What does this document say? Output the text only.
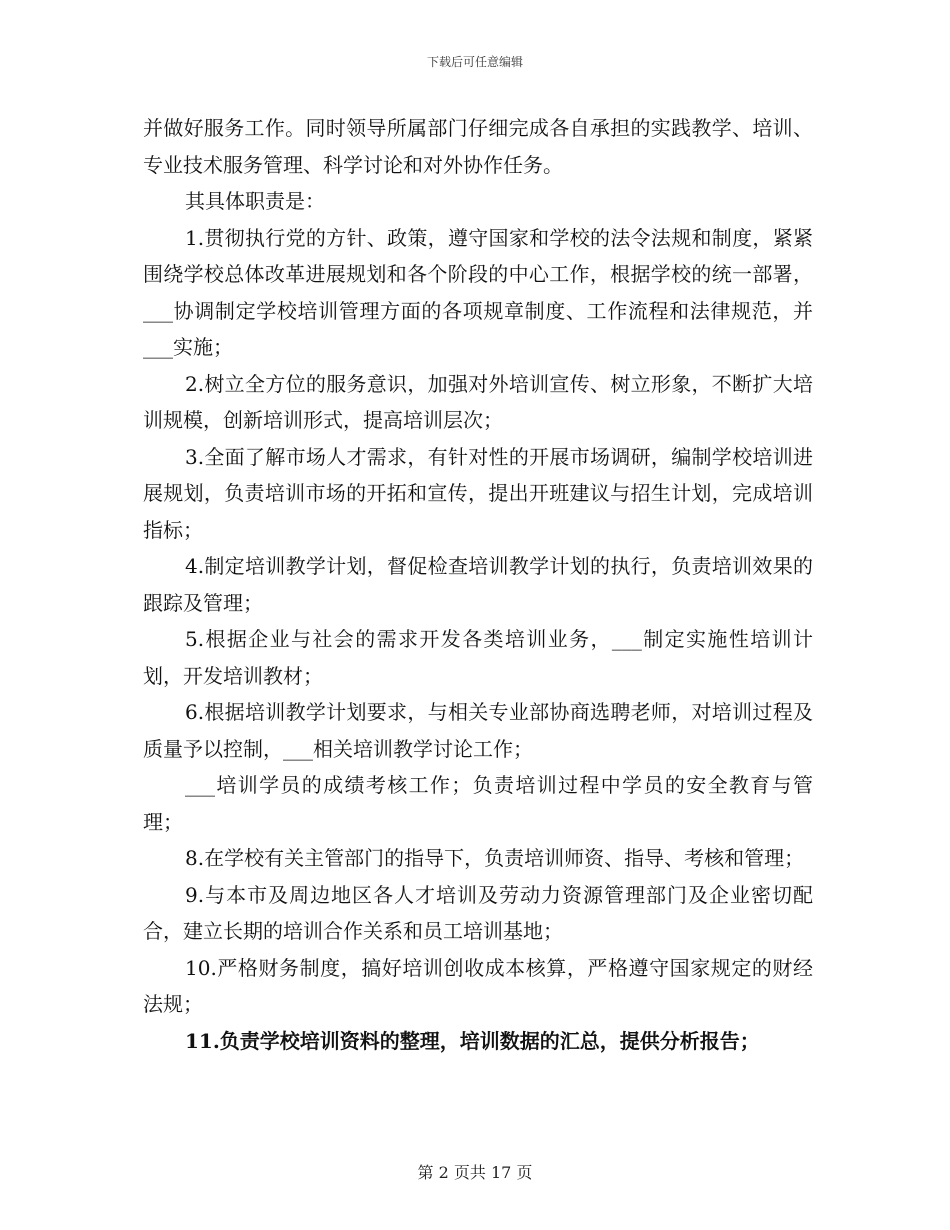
下载后可任意编辑

并做好服务工作。同时领导所属部门仔细完成各自承担的实践教学、培训、专业技术服务管理、科学讨论和对外协作任务。

其具体职责是：

1.贯彻执行党的方针、政策，遵守国家和学校的法令法规和制度，紧紧围绕学校总体改革进展规划和各个阶段的中心工作，根据学校的统一部署，___协调制定学校培训管理方面的各项规章制度、工作流程和法律规范，并___实施；

2.树立全方位的服务意识，加强对外培训宣传、树立形象，不断扩大培训规模，创新培训形式，提高培训层次；

3.全面了解市场人才需求，有针对性的开展市场调研，编制学校培训进展规划，负责培训市场的开拓和宣传，提出开班建议与招生计划，完成培训指标；

4.制定培训教学计划，督促检查培训教学计划的执行，负责培训效果的跟踪及管理；

5.根据企业与社会的需求开发各类培训业务，___制定实施性培训计划，开发培训教材；

6.根据培训教学计划要求，与相关专业部协商选聘老师，对培训过程及质量予以控制，___相关培训教学讨论工作；

___培训学员的成绩考核工作；负责培训过程中学员的安全教育与管理；

8.在学校有关主管部门的指导下，负责培训师资、指导、考核和管理；

9.与本市及周边地区各人才培训及劳动力资源管理部门及企业密切配合，建立长期的培训合作关系和员工培训基地；

10.严格财务制度，搞好培训创收成本核算，严格遵守国家规定的财经法规；

11.负责学校培训资料的整理，培训数据的汇总，提供分析报告；

第 2 页共 17 页
